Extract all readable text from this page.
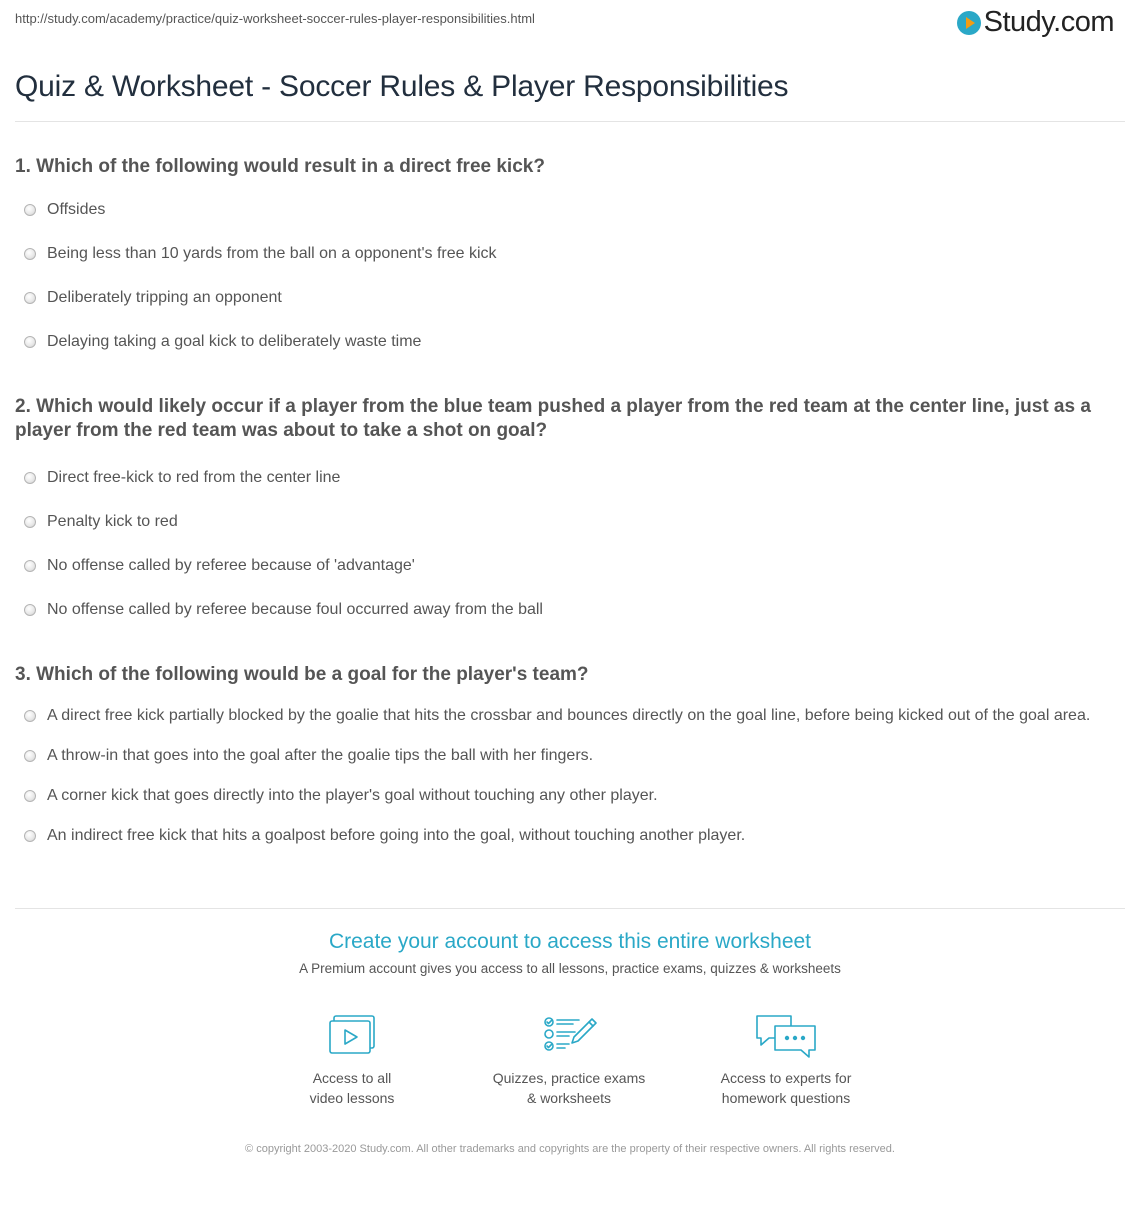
http://study.com/academy/practice/quiz-worksheet-soccer-rules-player-responsibilities.html	Study.com
Quiz & Worksheet - Soccer Rules & Player Responsibilities

1. Which of the following would result in a direct free kick?

Offsides
Being less than 10 yards from the ball on a opponent's free kick
Deliberately tripping an opponent
Delaying taking a goal kick to deliberately waste time

2. Which would likely occur if a player from the blue team pushed a player from the red team at the center line, just as a player from the red team was about to take a shot on goal?

Direct free-kick to red from the center line
Penalty kick to red
No offense called by referee because of 'advantage'
No offense called by referee because foul occurred away from the ball

3. Which of the following would be a goal for the player's team?

A direct free kick partially blocked by the goalie that hits the crossbar and bounces directly on the goal line, before being kicked out of the goal area.
A throw-in that goes into the goal after the goalie tips the ball with her fingers.
A corner kick that goes directly into the player's goal without touching any other player.
An indirect free kick that hits a goalpost before going into the goal, without touching another player.
Create your account to access this entire worksheet
A Premium account gives you access to all lessons, practice exams, quizzes & worksheets
Access to all
video lessons
Quizzes, practice exams
& worksheets
Access to experts for
homework questions
© copyright 2003-2020 Study.com. All other trademarks and copyrights are the property of their respective owners. All rights reserved.
